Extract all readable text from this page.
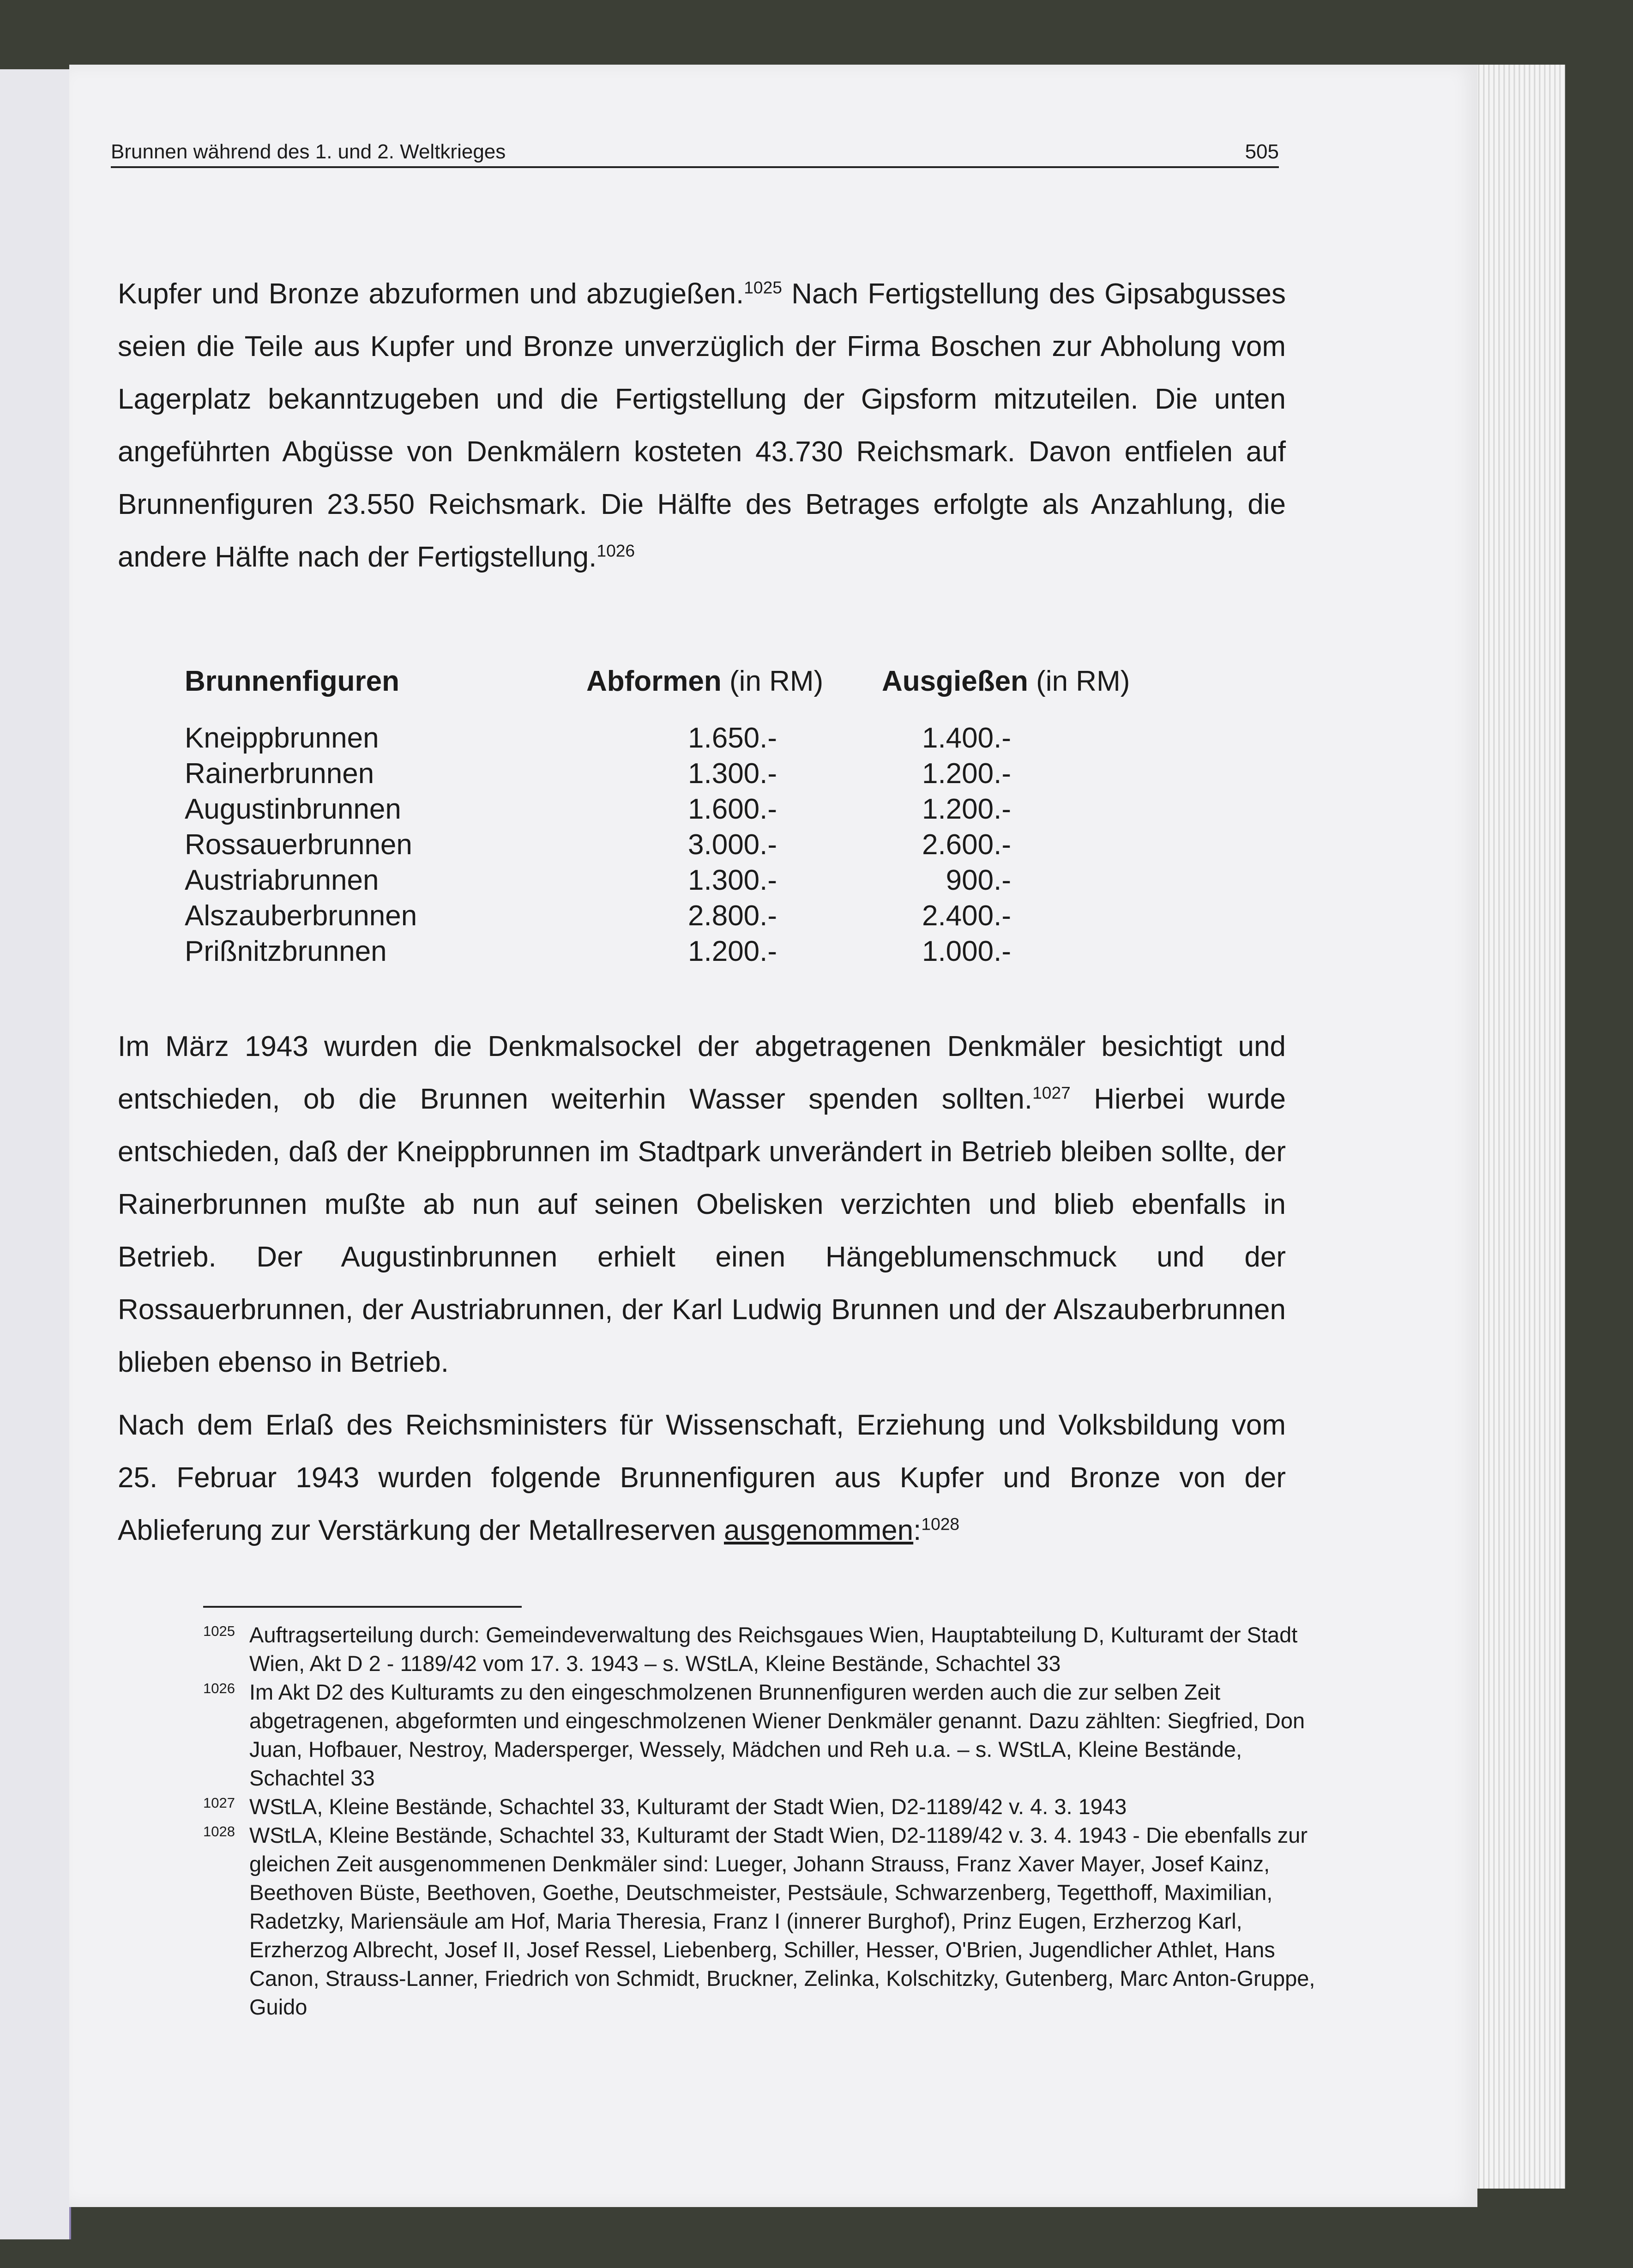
Brunnen während des 1. und 2. Weltkrieges	505

Kupfer und Bronze abzuformen und abzugießen.$^{1025}$ Nach Fertigstellung des Gipsabgusses seien die Teile aus Kupfer und Bronze unverzüglich der Firma Boschen zur Abholung vom Lagerplatz bekanntzugeben und die Fertigstellung der Gipsform mitzuteilen. Die unten angeführten Abgüsse von Denkmälern kosteten 43.730 Reichsmark. Davon entfielen auf Brunnenfiguren 23.550 Reichsmark. Die Hälfte des Betrages erfolgte als Anzahlung, die andere Hälfte nach der Fertigstellung.$^{1026}$

Brunnenfiguren	Abformen (in RM)	Ausgießen (in RM)
Kneippbrunnen	1.650.-	1.400.-
Rainerbrunnen	1.300.-	1.200.-
Augustinbrunnen	1.600.-	1.200.-
Rossauerbrunnen	3.000.-	2.600.-
Austriabrunnen	1.300.-	900.-
Alszauberbrunnen	2.800.-	2.400.-
Prißnitzbrunnen	1.200.-	1.000.-

Im März 1943 wurden die Denkmalsockel der abgetragenen Denkmäler besichtigt und entschieden, ob die Brunnen weiterhin Wasser spenden sollten.$^{1027}$ Hierbei wurde entschieden, daß der Kneippbrunnen im Stadtpark unverändert in Betrieb bleiben sollte, der Rainerbrunnen mußte ab nun auf seinen Obelisken verzichten und blieb ebenfalls in Betrieb. Der Augustinbrunnen erhielt einen Hängeblumenschmuck und der Rossauerbrunnen, der Austriabrunnen, der Karl Ludwig Brunnen und der Alszauberbrunnen blieben ebenso in Betrieb.

Nach dem Erlaß des Reichsministers für Wissenschaft, Erziehung und Volksbildung vom 25. Februar 1943 wurden folgende Brunnenfiguren aus Kupfer und Bronze von der Ablieferung zur Verstärkung der Metallreserven ausgenommen:$^{1028}$

1025 Auftragserteilung durch: Gemeindeverwaltung des Reichsgaues Wien, Hauptabteilung D, Kulturamt der Stadt Wien, Akt D 2 - 1189/42 vom 17. 3. 1943 – s. WStLA, Kleine Bestände, Schachtel 33

1026 Im Akt D2 des Kulturamts zu den eingeschmolzenen Brunnenfiguren werden auch die zur selben Zeit abgetragenen, abgeformten und eingeschmolzenen Wiener Denkmäler genannt. Dazu zählten: Siegfried, Don Juan, Hofbauer, Nestroy, Madersperger, Wessely, Mädchen und Reh u.a. – s. WStLA, Kleine Bestände, Schachtel 33

1027 WStLA, Kleine Bestände, Schachtel 33, Kulturamt der Stadt Wien, D2-1189/42 v. 4. 3. 1943

1028 WStLA, Kleine Bestände, Schachtel 33, Kulturamt der Stadt Wien, D2-1189/42 v. 3. 4. 1943 - Die ebenfalls zur gleichen Zeit ausgenommenen Denkmäler sind: Lueger, Johann Strauss, Franz Xaver Mayer, Josef Kainz, Beethoven Büste, Beethoven, Goethe, Deutschmeister, Pestsäule, Schwarzenberg, Tegetthoff, Maximilian, Radetzky, Mariensäule am Hof, Maria Theresia, Franz I (innerer Burghof), Prinz Eugen, Erzherzog Karl, Erzherzog Albrecht, Josef II, Josef Ressel, Liebenberg, Schiller, Hesser, O'Brien, Jugendlicher Athlet, Hans Canon, Strauss-Lanner, Friedrich von Schmidt, Bruckner, Zelinka, Kolschitzky, Gutenberg, Marc Anton-Gruppe, Guido
